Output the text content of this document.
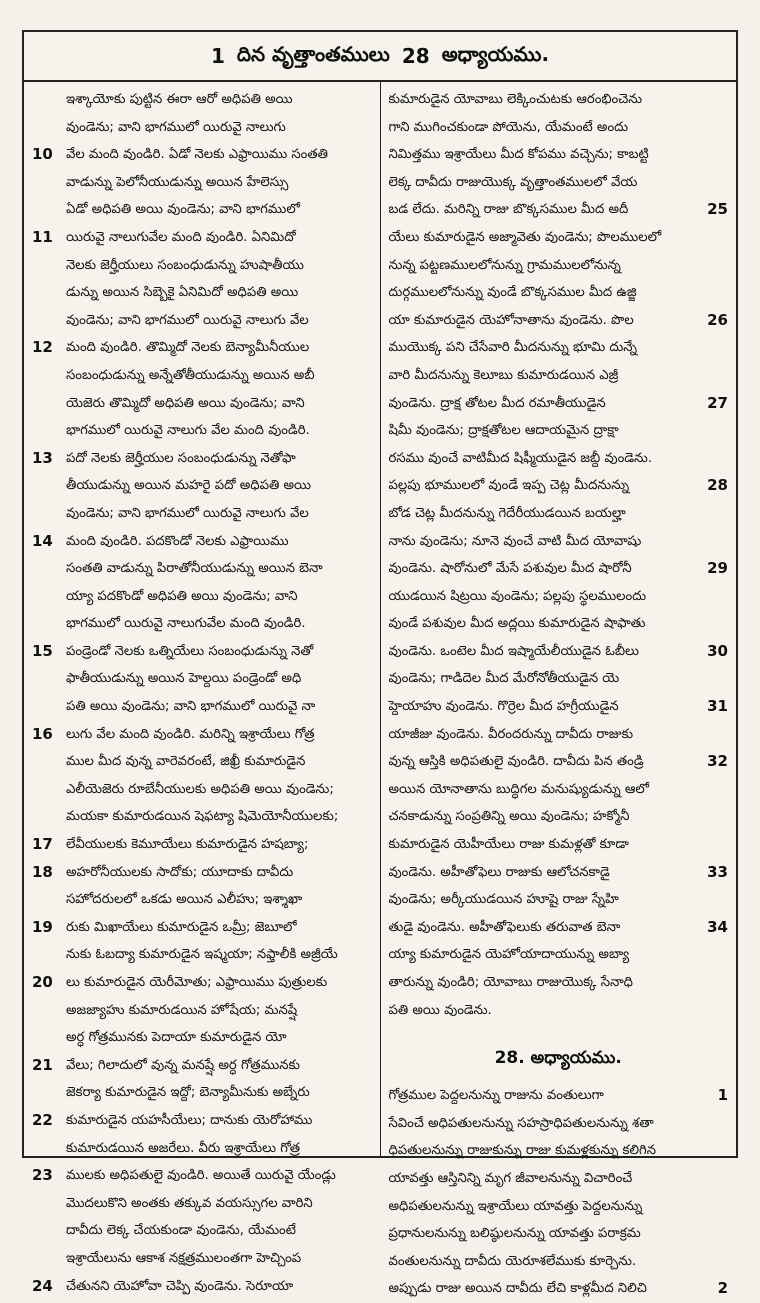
1 దిన వృత్తాంతములు 28 అధ్యాయము.
ఇశ్కాయోకు పుట్టిన ఈరా ఆరో అధిపతి అయి
వుండెను; వాని భాగములో యిరువై నాలుగు
వేల మంది వుండిరి. ఏడో నెలకు ఎఫ్రాయిము సంతతి
10
వాడున్ను పెలోనీయుడున్ను అయిన హేలెస్సు
ఏడో అధిపతి అయి వుండెను; వాని భాగములో
యిరువై నాలుగువేల మంది వుండిరి. ఏనిమిదో
11
నెలకు జెర్హీయులు సంబంధుడున్ను హుషాతీయు
డున్ను అయిన సిబ్బెకై ఏనిమిదో అధిపతి అయి
వుండెను; వాని భాగములో యిరువై నాలుగు వేల
మంది వుండిరి. తొమ్మిదో నెలకు బెన్యామీనీయుల
12
సంబంధుడున్ను అన్నేతోతీయుడున్ను అయిన అబీ
యెజెరు తొమ్మిదో అధిపతి అయి వుండెను; వాని
భాగములో యిరువై నాలుగు వేల మంది వుండిరి.
పదో నెలకు జెర్హీయుల సంబంధుడున్ను నెతోఫా
13
తీయుడున్ను అయిన మహరై పదో అధిపతి అయి
వుండెను; వాని భాగములో యిరువై నాలుగు వేల
మంది వుండిరి. పదకొండో నెలకు ఎఫ్రాయిము
14
సంతతి వాడున్ను పిరాతోనీయుడున్ను అయిన బెనా
య్యా పదకొండో అధిపతి అయి వుండెను; వాని
భాగములో యిరువై నాలుగువేల మంది వుండిరి.
పండ్రెండో నెలకు ఒత్నియేలు సంబంధుడున్ను నెతో
15
ఫాతీయుడున్ను అయిన హెల్దయి పండ్రెండో అధి
పతి అయి వుండెను; వాని భాగములో యిరువై నా
లుగు వేల మంది వుండిరి. మరిన్ని ఇశ్రాయేలు గోత్ర
16
ముల మీద వున్న వారెవరంటే, జిఖ్రీ కుమారుడైన
ఎలీయెజెరు రూబేనీయులకు అధిపతి అయి వుండెను;
మయకా కుమారుడయిన షెఫట్యా షిమెయోనీయులకు;
లేవీయులకు కెమూయేలు కుమారుడైన హషబ్యా;
17
అహరోనీయులకు సాదోకు; యూదాకు దావీదు
18
సహోదరులలో ఒకడు అయిన ఎలీహు; ఇశ్శాఖా
రుకు మిఖాయేలు కుమారుడైన ఒమ్రీ; జెబూలో
19
నుకు ఓబద్యా కుమారుడైన ఇష్మయా; నఫ్తాలీకి అజ్రీయే
లు కుమారుడైన యెరీమోతు; ఎఫ్రాయిము పుత్రులకు
20
అజజ్యాహు కుమారుడయిన హోషేయ; మనష్షే
అర్ధ గోత్రమునకు పెదాయా కుమారుడైన యో
వేలు; గిలాదులో వున్న మనష్షే అర్ధ గోత్రమునకు
21
జెకర్యా కుమారుడైన ఇద్దో; బెన్యామీనుకు అబ్నేరు
కుమారుడైన యహసీయేలు; దానుకు యెరోహాము
22
కుమారుడయిన అజరేలు. వీరు ఇశ్రాయేలు గోత్ర
ములకు అధిపతులై వుండిరి. అయితే యిరువై యేండ్లు
23
మొదలుకొని అంతకు తక్కువ వయస్సుగల వారిని
దావీదు లెక్క చేయకుండా వుండెను, యేమంటే
ఇశ్రాయేలును ఆకాశ నక్షత్రములంతగా హెచ్చింప
చేతునని యెహోవా చెప్పి వుండెను. సెరూయా
24
కుమారుడైన యోవాబు లెక్కించుటకు ఆరంభించెను
గాని ముగించకుండా పోయెను, యేమంటే అందు
నిమిత్తము ఇశ్రాయేలు మీద కోపము వచ్చెను; కాబట్టి
లెక్క దావీదు రాజుయొక్క వృత్తాంతములలో వేయ
బడ లేదు. మరిన్ని రాజు బొక్కసముల మీద అదీ	25
యేలు కుమారుడైన అజ్మావెతు వుండెను; పొలములలో
నున్న పట్టణములలోనున్ను గ్రామములలోనున్న
దుర్గములలోనున్ను వుండే బొక్కసముల మీద ఉజ్జి
యా కుమారుడైన యెహోనాతాను వుండెను. పొల	26
ముయొక్క పని చేసేవారి మీదనున్ను భూమి దున్నే
వారి మీదనున్ను కెలూబు కుమారుడయిన ఎజ్రీ
వుండెను. ద్రాక్ష తోటల మీద రమాతీయుడైన	27
షిమీ వుండెను; ద్రాక్షతోటల ఆదాయమైన ద్రాక్షా
రసము వుంచే వాటిమీద షిఫ్మీయుడైన జబ్దీ వుండెను.
పల్లపు భూములలో వుండే ఇప్ప చెట్ల మీదనున్ను	28
బోడ చెట్ల మీదనున్ను గెదేరీయుడయిన బయల్హా
నాను వుండెను; నూనె వుంచే వాటి మీద యోవాషు
వుండెను. షారోనులో మేసే పశువుల మీద షారోనీ	29
యుడయిన షిట్రయి వుండెను; పల్లపు స్థలములందు
వుండే పశువుల మీద అద్లయి కుమారుడైన షాఫాతు
వుండెను. ఒంటెల మీద ఇష్మాయేలీయుడైన ఓబీలు	30
వుండెను; గాడిదెల మీద మేరోనోతీయుడైన యె
హ్దెయాహు వుండెను. గొర్రెల మీద హగ్రీయుడైన	31
యాజీజు వుండెను. వీరందరున్ను దావీదు రాజుకు
వున్న ఆస్తికి అధిపతులై వుండిరి. దావీదు పిన తండ్రి	32
అయిన యోనాతాను బుద్ధిగల మనుష్యుడున్ను ఆలో
చనకాడున్ను సంప్రతిన్ని అయి వుండెను; హక్మోనీ
కుమారుడైన యెహీయేలు రాజు కుమళ్లతో కూడా
వుండెను. అహీతోఫెలు రాజుకు ఆలోచనకాడై	33
వుండెను; అర్కీయుడయిన హూషై రాజు స్నేహి
తుడై వుండెను. అహీతోఫెలుకు తరువాత బెనా	34
య్యా కుమారుడైన యెహోయాదాయున్ను అబ్యా
తారున్ను వుండిరి; యోవాబు రాజుయొక్క సేనాధి
పతి అయి వుండెను.
28. అధ్యాయము.
గోత్రముల పెద్దలనున్ను రాజును వంతులుగా	1
సేవించే అధిపతులనున్ను సహస్రాధిపతులనున్ను శతా
ధిపతులనున్ను రాజుకున్ను రాజు కుమళ్లకున్ను కలిగిన
యావత్తు ఆస్తినిన్ని మృగ జీవాలనున్ను విచారించే
అధిపతులనున్ను ఇశ్రాయేలు యావత్తు పెద్దలనున్ను
ప్రధానులనున్ను బలిష్ఠులనున్ను యావత్తు పరాక్రమ
వంతులనున్ను దావీదు యెరూశలేముకు కూర్చెను.
అప్పుడు రాజు అయిన దావీదు లేచి కాళ్లమీద నిలిచి	2
